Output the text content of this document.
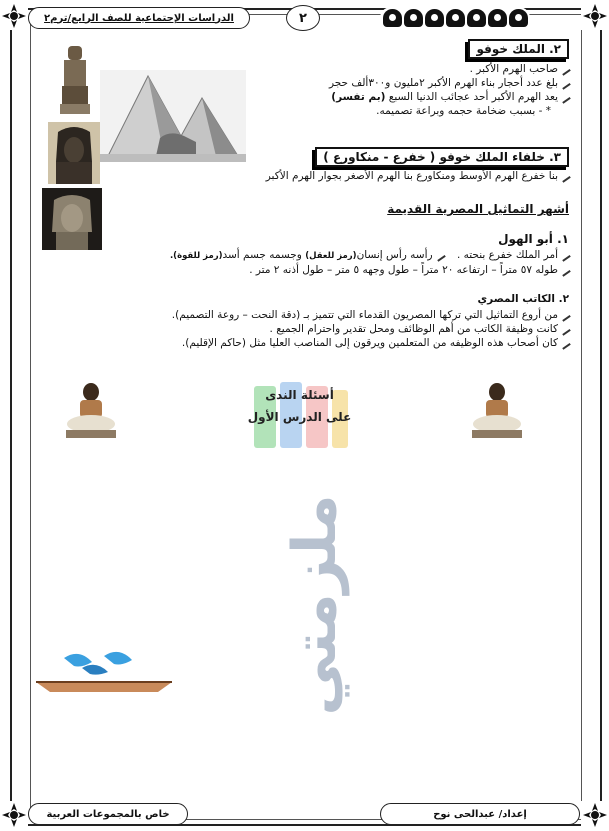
الدراسات الإجتماعية للصف الرابع/ترم٢	٢
٢. الملك خوفو
صاحب الهرم الأكبر .
بلغ عدد أحجار بناء الهرم الأكبر ٢مليون و٣٠٠ألف حجر
يعد الهرم الأكبر أحد عجائب الدنيا السبع (بم تفسر)
* - بسبب ضخامة حجمه وبراعة تصميمه.
٣. خلفاء الملك خوفو ( خفرع - منكاورع )
بنا خفرع الهرم الأوسط ومنكاورع بنا الهرم الأصغر بجوار الهرم الأكبر
أشهر التماثيل المصرية القديمة
١. أبو الهول
أمر الملك خفرع بنحته .    رأسه رأس إنسان(رمز للعقل) وجسمه جسم أسد(رمز للقوة).
طوله ٥٧ متراً – ارتفاعه ٢٠ متراً – طول وجهه ٥ متر – طول أذنه ٢ متر .
٢. الكاتب المصري
من أروع التماثيل التي تركها المصريون القدماء التي تتميز بـ (دقة النحت – روعة التصميم).
كانت وظيفة الكاتب من أهم الوظائف ومحل تقدير واحترام الجميع .
كان أصحاب هذه الوظيفه من المتعلمين ويرقون إلى المناصب العليا مثل (حاكم الإقليم).
أسئلة الندى
على الدرس الأول
ملزمتي
إعداد/ عبدالحى نوح
خاص بالمجموعات العربية
